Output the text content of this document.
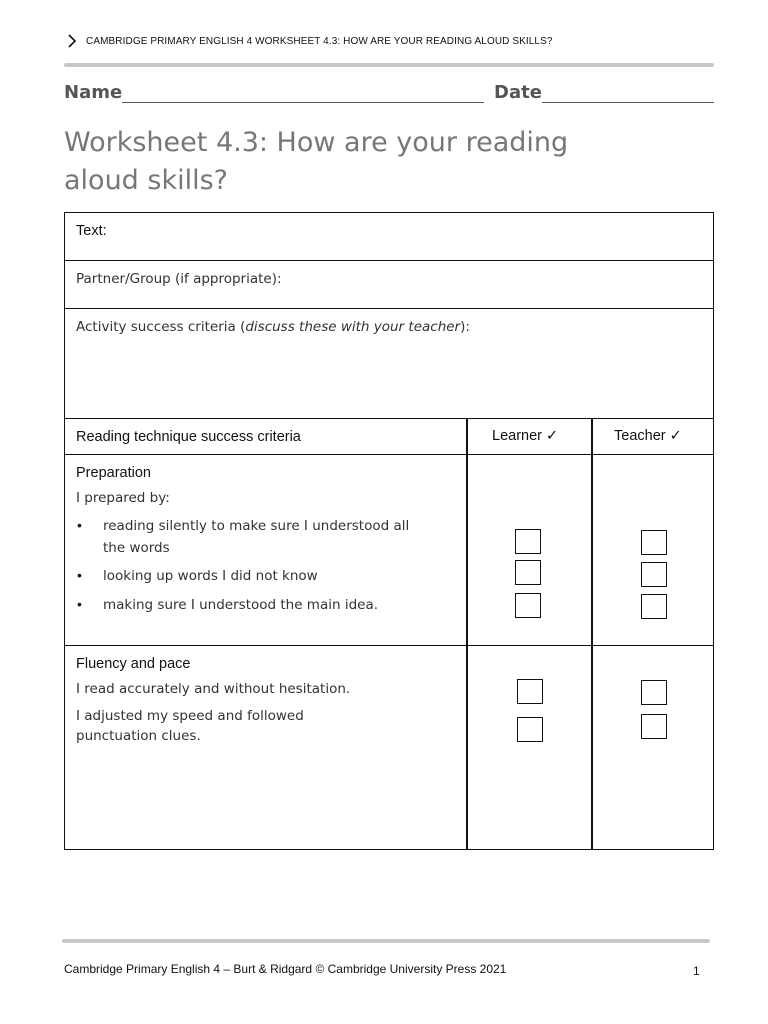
CAMBRIDGE PRIMARY ENGLISH 4 WORKSHEET 4.3: HOW ARE YOUR READING ALOUD SKILLS?
Name	Date
Worksheet 4.3: How are your reading
aloud skills?
Text:
Partner/Group (if appropriate):
Activity success criteria (discuss these with your teacher):
Reading technique success criteria	Learner ✓	Teacher ✓
Preparation
I prepared by:
• reading silently to make sure I understood all
the words
• looking up words I did not know
• making sure I understood the main idea.
Fluency and pace
I read accurately and without hesitation.
I adjusted my speed and followed
punctuation clues.
Cambridge Primary English 4 – Burt & Ridgard © Cambridge University Press 2021	1
